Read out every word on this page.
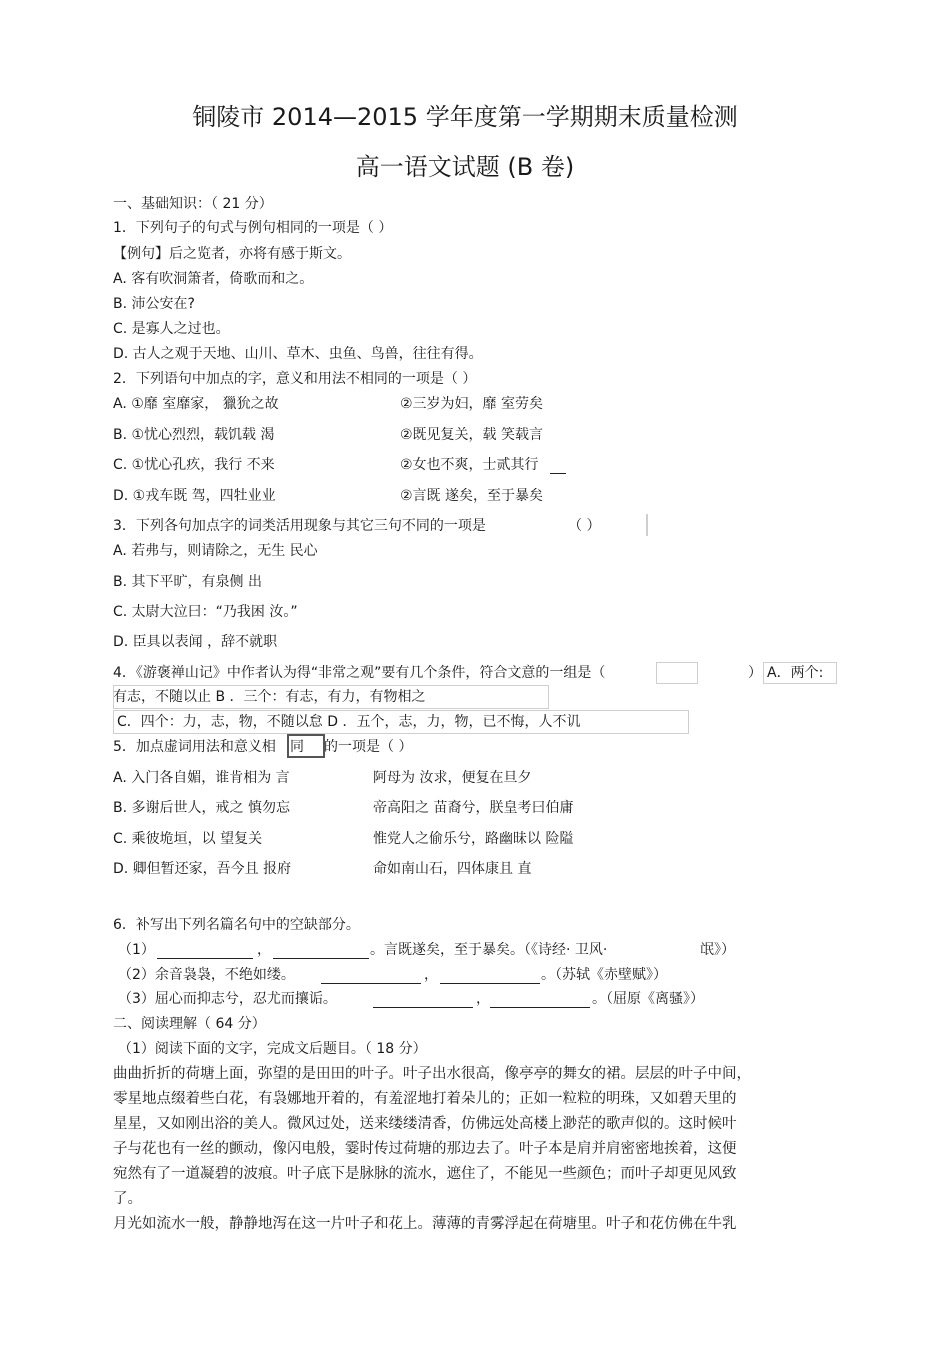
铜陵市 2014—2015 学年度第一学期期末质量检测
高一语文试题 (B 卷)
一、基础知识：（ 21 分）
1．下列句子的句式与例句相同的一项是（ ）
【例句】后之览者，亦将有感于斯文。
A. 客有吹洞箫者，倚歌而和之。
B. 沛公安在?
C. 是寡人之过也。
D. 古人之观于天地、山川、草木、虫鱼、鸟兽，往往有得。
2．下列语句中加点的字，意义和用法不相同的一项是（ ）
A. ①靡 室靡家， 獵狁之故	②三岁为妇，靡 室劳矣
B. ①忧心烈烈，载饥载 渴	②既见复关，载 笑载言
C. ①忧心孔疚，我行 不来	②女也不爽，士贰其行
D. ①戎车既 驾，四牡业业	②言既 遂矣，至于暴矣
3．下列各句加点字的词类活用现象与其它三句不同的一项是	（ ）
A. 若弗与，则请除之，无生 民心
B. 其下平旷，有泉侧 出
C. 太尉大泣曰：“乃我困 汝。”
D. 臣具以表闻 ，辞不就职
4．《游褒禅山记》中作者认为得“非常之观”要有几个条件，符合文意的一组是（	） A．两个:
有志，不随以止 B ．三个：有志，有力，有物相之
C．四个：力，志，物，不随以怠 D ．五个，志，力，物，已不悔，人不讥
5．加点虚词用法和意义相 同 的一项是（ ）
A. 入门各自媚，谁肯相为 言	阿母为 汝求，便复在旦夕
B. 多谢后世人，戒之 慎勿忘	帝高阳之 苗裔兮，朕皇考曰伯庸
C. 乘彼垝垣，以 望复关	惟党人之偷乐兮，路幽昧以 险隘
D. 卿但暂还家，吾今且 报府	命如南山石，四体康且 直
6．补写出下列名篇名句中的空缺部分。
（1）	，	。言既遂矣，至于暴矣。（《诗经· 卫风·	氓》）
（2）余音袅袅，不绝如缕。	，	。（苏轼《赤壁赋》）
（3）屈心而抑志兮，忍尤而攘诟。	，	。（屈原《离骚》）
二、阅读理解（ 64 分）
（1）阅读下面的文字，完成文后题目。（ 18 分）
曲曲折折的荷塘上面，弥望的是田田的叶子。叶子出水很高，像亭亭的舞女的裙。层层的叶子中间，
零星地点缀着些白花，有袅娜地开着的，有羞涩地打着朵儿的；正如一粒粒的明珠，又如碧天里的
星星，又如刚出浴的美人。微风过处，送来缕缕清香，仿佛远处高楼上渺茫的歌声似的。这时候叶
子与花也有一丝的颤动，像闪电般，霎时传过荷塘的那边去了。叶子本是肩并肩密密地挨着，这便
宛然有了一道凝碧的波痕。叶子底下是脉脉的流水，遮住了，不能见一些颜色；而叶子却更见风致
了。
月光如流水一般，静静地泻在这一片叶子和花上。薄薄的青雾浮起在荷塘里。叶子和花仿佛在牛乳
